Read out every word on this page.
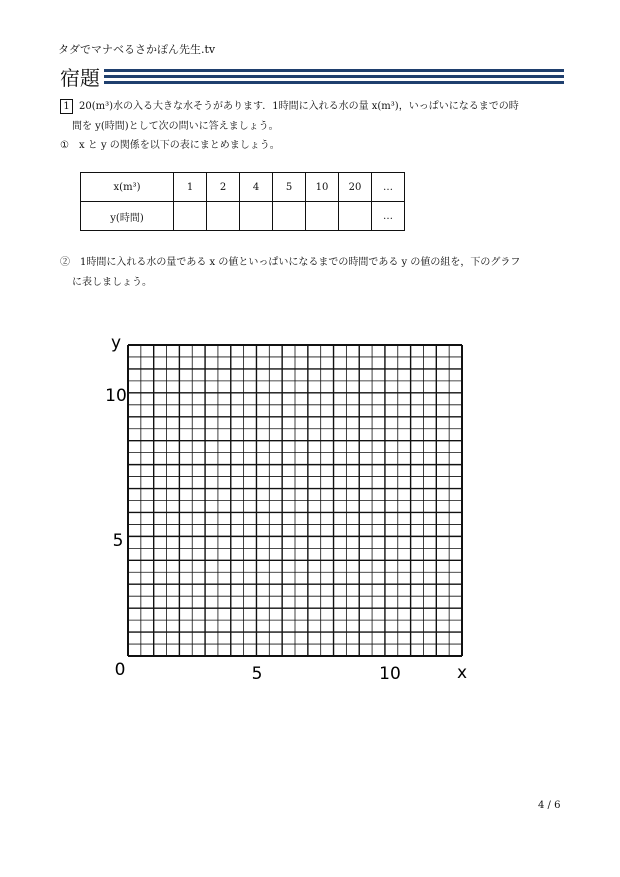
タダでマナベるさかぽん先生.tv
宿題
1 20(m³)水の入る大きな水そうがあります．1時間に入れる水の量 x(m³)，いっぱいになるまでの時
間を y(時間)として次の問いに答えましょう。
①　x と y の関係を以下の表にまとめましょう。
x(m³)	1	2	4	5	10	20	…
y(時間)							…
②　1時間に入れる水の量である x の値といっぱいになるまでの時間である y の値の組を，下のグラフ
に表しましょう。
y
x
0
10
5
5	10
4 / 6
